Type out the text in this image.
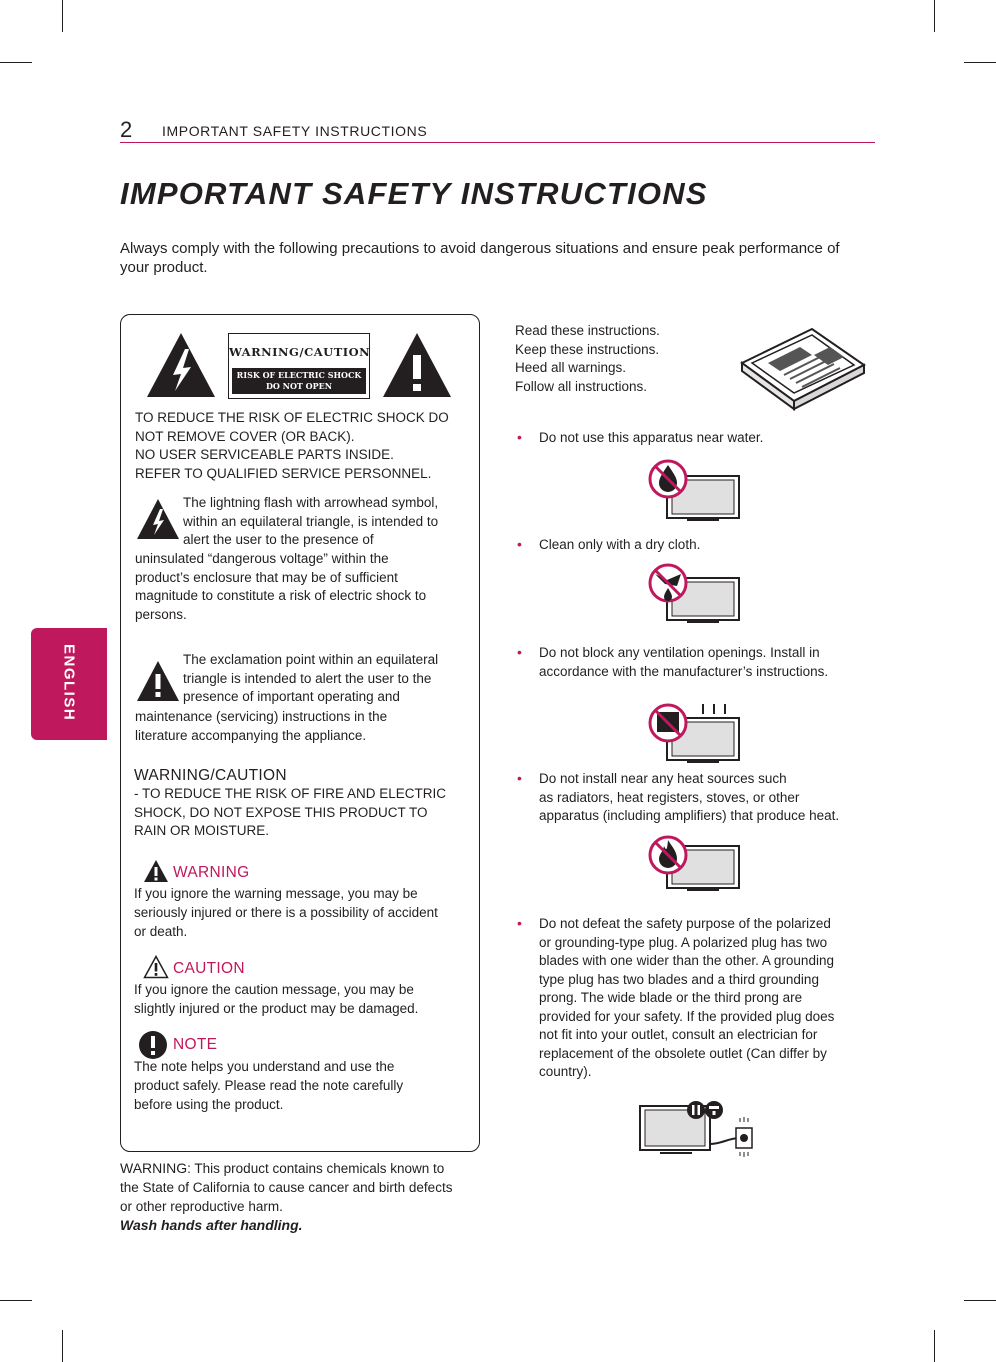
2 IMPORTANT SAFETY INSTRUCTIONS
ENGLISH
IMPORTANT SAFETY INSTRUCTIONS
Always comply with the following precautions to avoid dangerous situations and ensure peak performance of your product.
WARNING/CAUTION
RISK OF ELECTRIC SHOCK
DO NOT OPEN
TO REDUCE THE RISK OF ELECTRIC SHOCK DO
NOT REMOVE COVER (OR BACK).
NO USER SERVICEABLE PARTS INSIDE.
REFER TO QUALIFIED SERVICE PERSONNEL.
The lightning flash with arrowhead symbol,
within an equilateral triangle, is intended to
alert the user to the presence of
uninsulated “dangerous voltage” within the
product’s enclosure that may be of sufficient
magnitude to constitute a risk of electric shock to
persons.
The exclamation point within an equilateral
triangle is intended to alert the user to the
presence of important operating and
maintenance (servicing) instructions in the
literature accompanying the appliance.
WARNING/CAUTION
- TO REDUCE THE RISK OF FIRE AND ELECTRIC
SHOCK, DO NOT EXPOSE THIS PRODUCT TO
RAIN OR MOISTURE.
WARNING
If you ignore the warning message, you may be
seriously injured or there is a possibility of accident
or death.
CAUTION
If you ignore the caution message, you may be
slightly injured or the product may be damaged.
NOTE
The note helps you understand and use the
product safely. Please read the note carefully
before using the product.
WARNING: This product contains chemicals known to
the State of California to cause cancer and birth defects
or other reproductive harm.
Wash hands after handling.
Read these instructions.
Keep these instructions.
Heed all warnings.
Follow all instructions.
• Do not use this apparatus near water.
• Clean only with a dry cloth.
• Do not block any ventilation openings. Install in
accordance with the manufacturer’s instructions.
• Do not install near any heat sources such
as radiators, heat registers, stoves, or other
apparatus (including amplifiers) that produce heat.
• Do not defeat the safety purpose of the polarized
or grounding-type plug. A polarized plug has two
blades with one wider than the other. A grounding
type plug has two blades and a third grounding
prong. The wide blade or the third prong are
provided for your safety. If the provided plug does
not fit into your outlet, consult an electrician for
replacement of the obsolete outlet (Can differ by
country).
